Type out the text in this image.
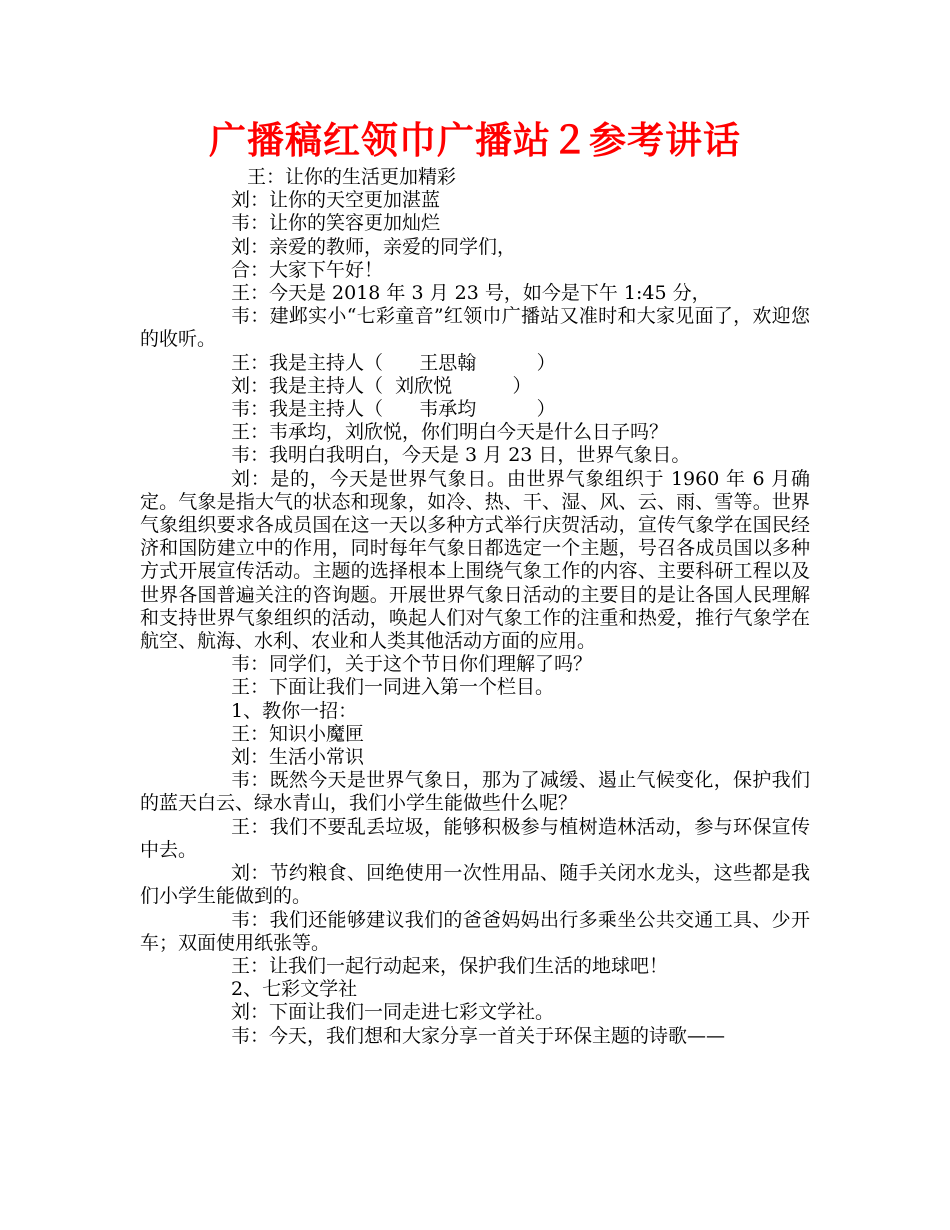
广播稿红领巾广播站２参考讲话

王：让你的生活更加精彩

刘：让你的天空更加湛蓝

韦：让你的笑容更加灿烂

刘：亲爱的教师，亲爱的同学们，

合：大家下午好！

王：今天是 2018 年 3 月 23 号，如今是下午 1:45 分，

韦：建邺实小“七彩童音”红领巾广播站又准时和大家见面了，欢迎您的收听。

王：我是主持人（      王思翰          ）

刘：我是主持人（  刘欣悦          ）

韦：我是主持人（      韦承均          ）

王：韦承均，刘欣悦，你们明白今天是什么日子吗？

韦：我明白我明白，今天是 3 月 23 日，世界气象日。

刘：是的，今天是世界气象日。由世界气象组织于 1960 年 6 月确定。气象是指大气的状态和现象，如冷、热、干、湿、风、云、雨、雪等。世界气象组织要求各成员国在这一天以多种方式举行庆贺活动，宣传气象学在国民经济和国防建立中的作用，同时每年气象日都选定一个主题，号召各成员国以多种方式开展宣传活动。主题的选择根本上围绕气象工作的内容、主要科研工程以及世界各国普遍关注的咨询题。开展世界气象日活动的主要目的是让各国人民理解和支持世界气象组织的活动，唤起人们对气象工作的注重和热爱，推行气象学在航空、航海、水利、农业和人类其他活动方面的应用。

韦：同学们，关于这个节日你们理解了吗？

王：下面让我们一同进入第一个栏目。

1、教你一招：

王：知识小魔匣

刘：生活小常识

韦：既然今天是世界气象日，那为了减缓、遏止气候变化，保护我们的蓝天白云、绿水青山，我们小学生能做些什么呢？

王：我们不要乱丢垃圾，能够积极参与植树造林活动，参与环保宣传中去。

刘：节约粮食、回绝使用一次性用品、随手关闭水龙头，这些都是我们小学生能做到的。

韦：我们还能够建议我们的爸爸妈妈出行多乘坐公共交通工具、少开车；双面使用纸张等。

王：让我们一起行动起来，保护我们生活的地球吧！

2、七彩文学社

刘：下面让我们一同走进七彩文学社。

韦：今天，我们想和大家分享一首关于环保主题的诗歌——
